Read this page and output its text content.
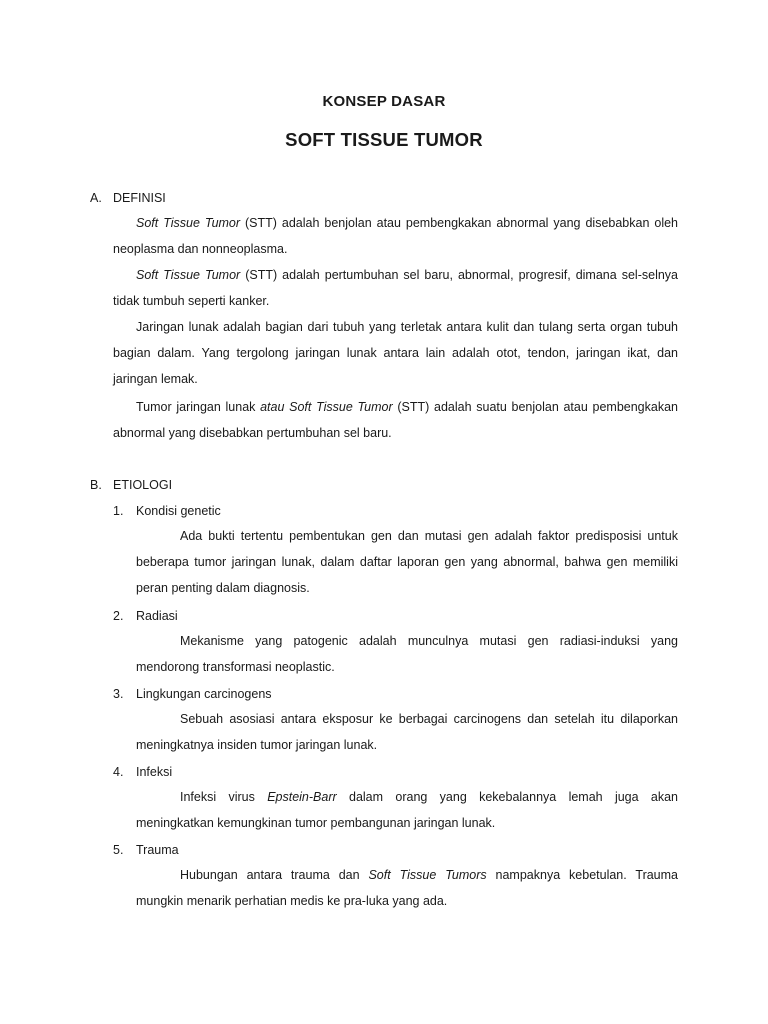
KONSEP DASAR
SOFT TISSUE TUMOR
A. DEFINISI
Soft Tissue Tumor (STT) adalah benjolan atau pembengkakan abnormal yang disebabkan oleh neoplasma dan nonneoplasma.
Soft Tissue Tumor (STT) adalah pertumbuhan sel baru, abnormal, progresif, dimana sel-selnya tidak tumbuh seperti kanker.
Jaringan lunak adalah bagian dari tubuh yang terletak antara kulit dan tulang serta organ tubuh bagian dalam. Yang tergolong jaringan lunak antara lain adalah otot, tendon, jaringan ikat, dan jaringan lemak.
Tumor jaringan lunak atau Soft Tissue Tumor (STT) adalah suatu benjolan atau pembengkakan abnormal yang disebabkan pertumbuhan sel baru.
B. ETIOLOGI
1. Kondisi genetic
Ada bukti tertentu pembentukan gen dan mutasi gen adalah faktor predisposisi untuk beberapa tumor jaringan lunak, dalam daftar laporan gen yang abnormal, bahwa gen memiliki peran penting dalam diagnosis.
2. Radiasi
Mekanisme yang patogenic adalah munculnya mutasi gen radiasi-induksi yang mendorong transformasi neoplastic.
3. Lingkungan carcinogens
Sebuah asosiasi antara eksposur ke berbagai carcinogens dan setelah itu dilaporkan meningkatnya insiden tumor jaringan lunak.
4. Infeksi
Infeksi virus Epstein-Barr dalam orang yang kekebalannya lemah juga akan meningkatkan kemungkinan tumor pembangunan jaringan lunak.
5. Trauma
Hubungan antara trauma dan Soft Tissue Tumors nampaknya kebetulan. Trauma mungkin menarik perhatian medis ke pra-luka yang ada.
